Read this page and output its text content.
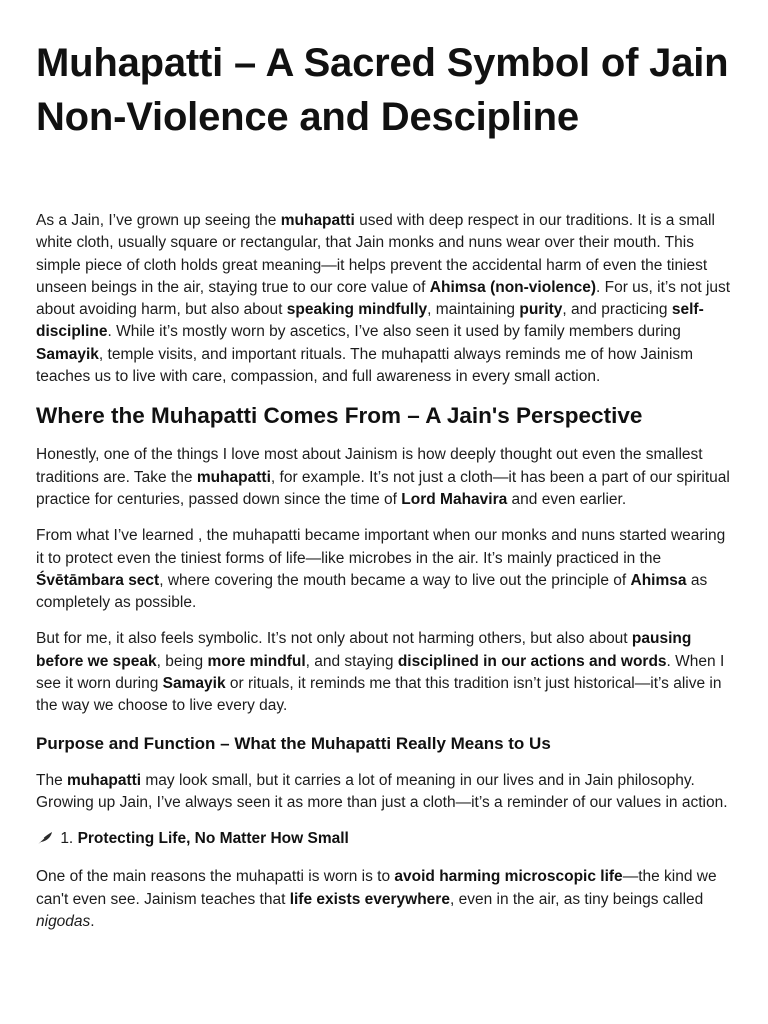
Muhapatti – A Sacred Symbol of Jain Non-Violence and Descipline

As a Jain, I’ve grown up seeing the muhapatti used with deep respect in our traditions. It is a small white cloth, usually square or rectangular, that Jain monks and nuns wear over their mouth. This simple piece of cloth holds great meaning—it helps prevent the accidental harm of even the tiniest unseen beings in the air, staying true to our core value of Ahimsa (non-violence). For us, it’s not just about avoiding harm, but also about speaking mindfully, maintaining purity, and practicing self-discipline. While it’s mostly worn by ascetics, I’ve also seen it used by family members during Samayik, temple visits, and important rituals. The muhapatti always reminds me of how Jainism teaches us to live with care, compassion, and full awareness in every small action.

Where the Muhapatti Comes From – A Jain's Perspective

Honestly, one of the things I love most about Jainism is how deeply thought out even the smallest traditions are. Take the muhapatti, for example. It’s not just a cloth—it has been a part of our spiritual practice for centuries, passed down since the time of Lord Mahavira and even earlier.

From what I’ve learned , the muhapatti became important when our monks and nuns started wearing it to protect even the tiniest forms of life—like microbes in the air. It’s mainly practiced in the Śvētāmbara sect, where covering the mouth became a way to live out the principle of Ahimsa as completely as possible.

But for me, it also feels symbolic. It’s not only about not harming others, but also about pausing before we speak, being more mindful, and staying disciplined in our actions and words. When I see it worn during Samayik or rituals, it reminds me that this tradition isn’t just historical—it’s alive in the way we choose to live every day.

Purpose and Function – What the Muhapatti Really Means to Us

The muhapatti may look small, but it carries a lot of meaning in our lives and in Jain philosophy. Growing up Jain, I’ve always seen it as more than just a cloth—it’s a reminder of our values in action.

1. Protecting Life, No Matter How Small

One of the main reasons the muhapatti is worn is to avoid harming microscopic life—the kind we can't even see. Jainism teaches that life exists everywhere, even in the air, as tiny beings called nigodas.
